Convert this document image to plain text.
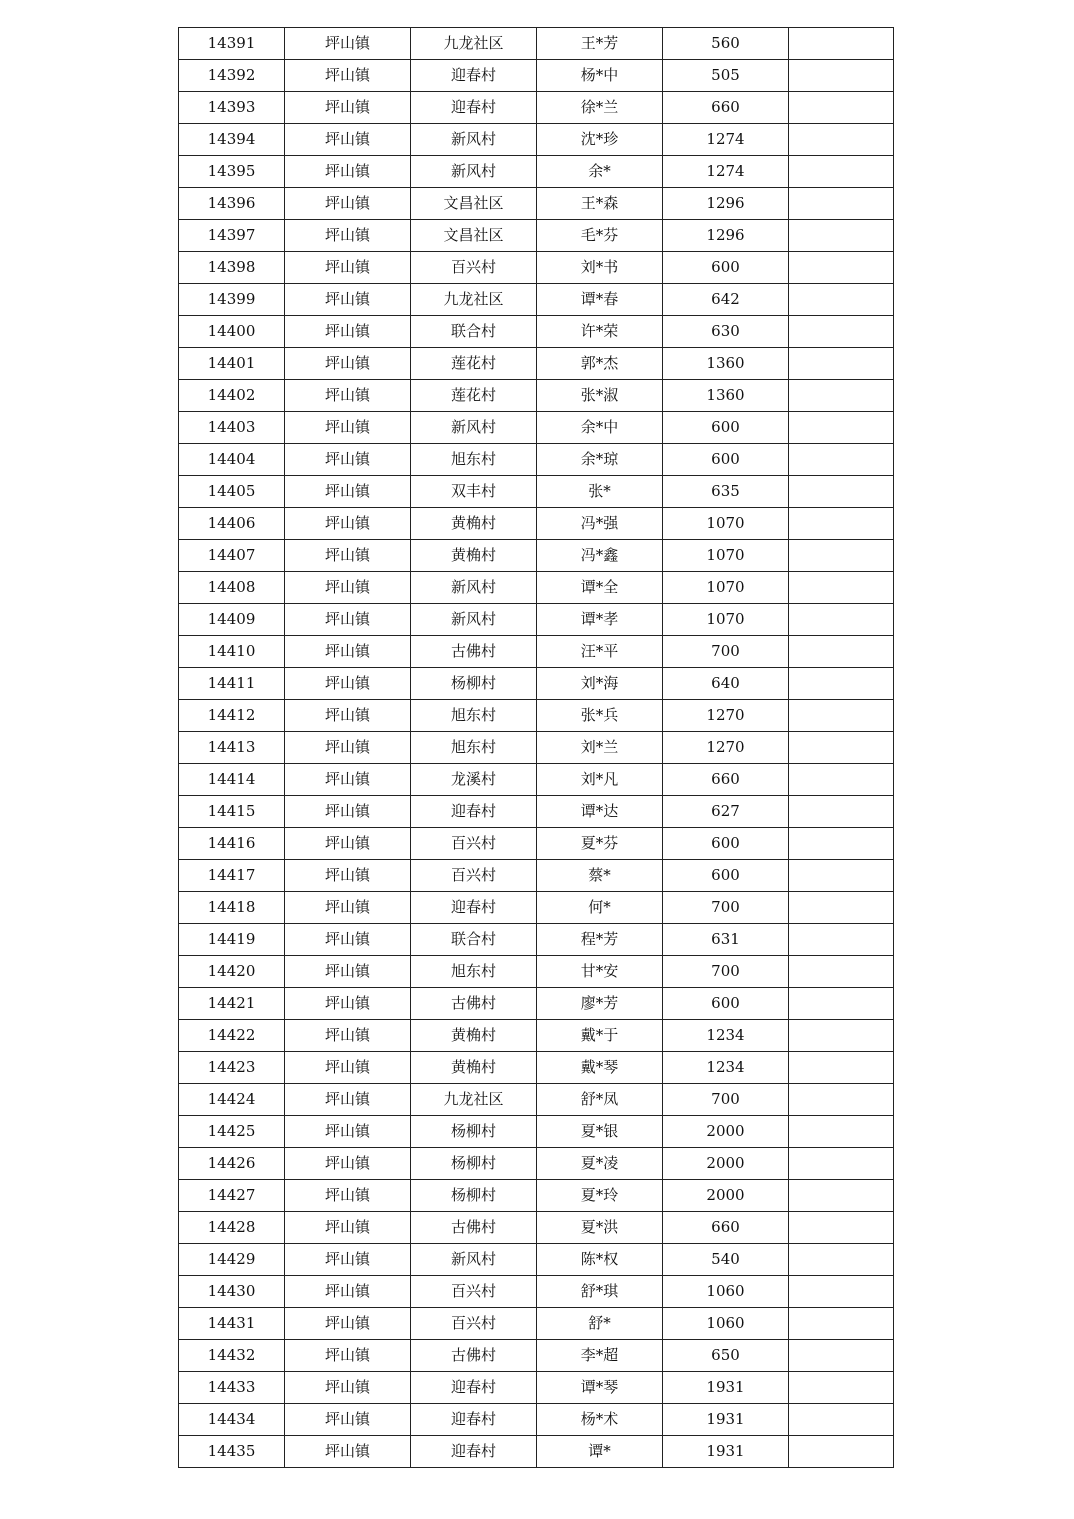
14391	坪山镇	九龙社区	王*芳	560	
14392	坪山镇	迎春村	杨*中	505	
14393	坪山镇	迎春村	徐*兰	660	
14394	坪山镇	新风村	沈*珍	1274	
14395	坪山镇	新风村	余*	1274	
14396	坪山镇	文昌社区	王*森	1296	
14397	坪山镇	文昌社区	毛*芬	1296	
14398	坪山镇	百兴村	刘*书	600	
14399	坪山镇	九龙社区	谭*春	642	
14400	坪山镇	联合村	许*荣	630	
14401	坪山镇	莲花村	郭*杰	1360	
14402	坪山镇	莲花村	张*淑	1360	
14403	坪山镇	新风村	余*中	600	
14404	坪山镇	旭东村	余*琼	600	
14405	坪山镇	双丰村	张*	635	
14406	坪山镇	黄桷村	冯*强	1070	
14407	坪山镇	黄桷村	冯*鑫	1070	
14408	坪山镇	新风村	谭*全	1070	
14409	坪山镇	新风村	谭*孝	1070	
14410	坪山镇	古佛村	汪*平	700	
14411	坪山镇	杨柳村	刘*海	640	
14412	坪山镇	旭东村	张*兵	1270	
14413	坪山镇	旭东村	刘*兰	1270	
14414	坪山镇	龙溪村	刘*凡	660	
14415	坪山镇	迎春村	谭*达	627	
14416	坪山镇	百兴村	夏*芬	600	
14417	坪山镇	百兴村	蔡*	600	
14418	坪山镇	迎春村	何*	700	
14419	坪山镇	联合村	程*芳	631	
14420	坪山镇	旭东村	甘*安	700	
14421	坪山镇	古佛村	廖*芳	600	
14422	坪山镇	黄桷村	戴*于	1234	
14423	坪山镇	黄桷村	戴*琴	1234	
14424	坪山镇	九龙社区	舒*凤	700	
14425	坪山镇	杨柳村	夏*银	2000	
14426	坪山镇	杨柳村	夏*凌	2000	
14427	坪山镇	杨柳村	夏*玲	2000	
14428	坪山镇	古佛村	夏*洪	660	
14429	坪山镇	新风村	陈*权	540	
14430	坪山镇	百兴村	舒*琪	1060	
14431	坪山镇	百兴村	舒*	1060	
14432	坪山镇	古佛村	李*超	650	
14433	坪山镇	迎春村	谭*琴	1931	
14434	坪山镇	迎春村	杨*术	1931	
14435	坪山镇	迎春村	谭*	1931	
